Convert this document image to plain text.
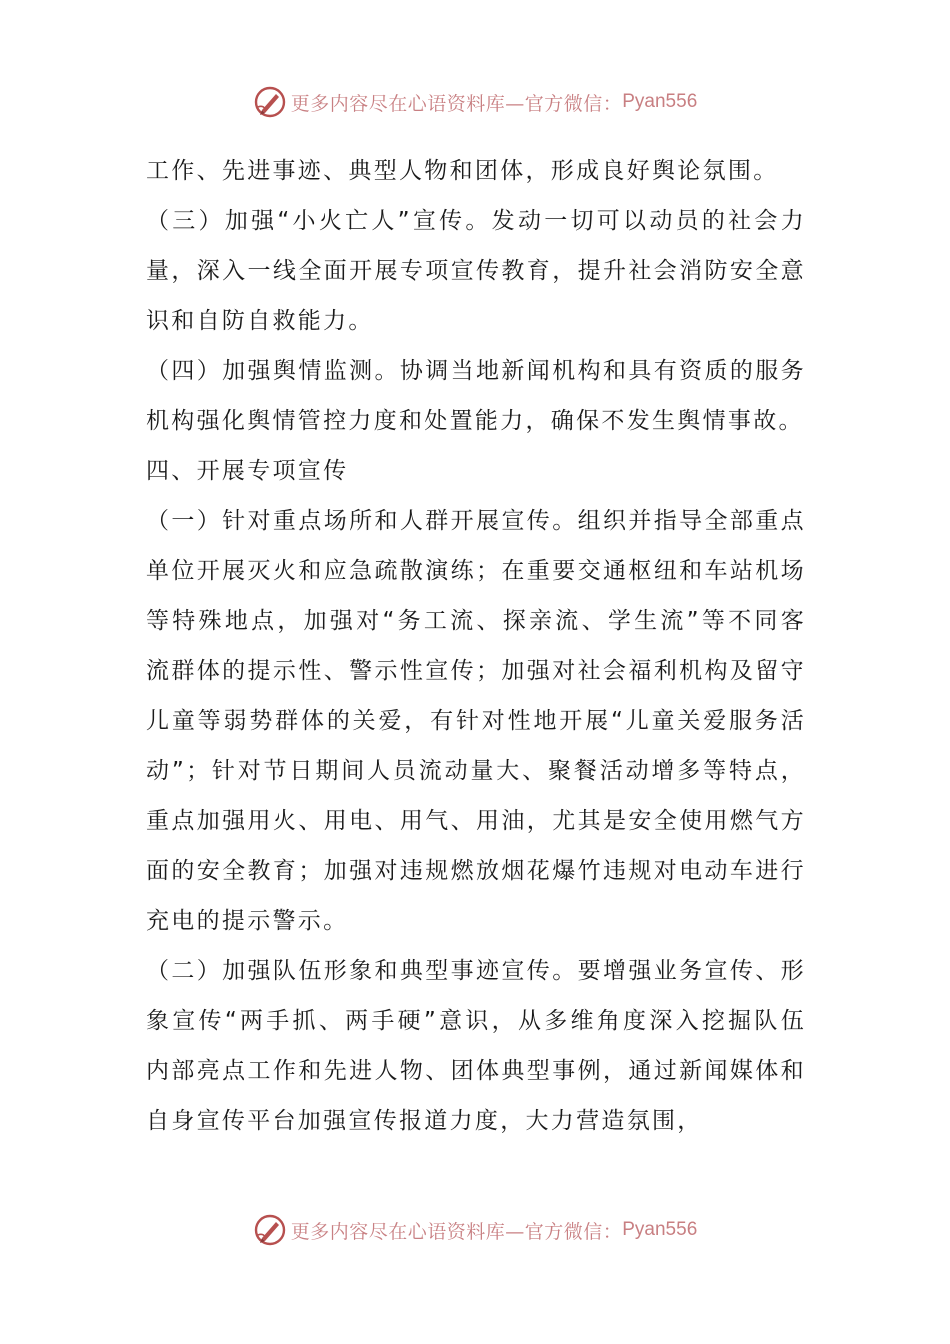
更多内容尽在心语资料库—官方微信： Pyan556

工作、先进事迹、典型人物和团体，形成良好舆论氛围。

（三）加强“小火亡人”宣传。发动一切可以动员的社会力量，深入一线全面开展专项宣传教育，提升社会消防安全意识和自防自救能力。

（四）加强舆情监测。协调当地新闻机构和具有资质的服务机构强化舆情管控力度和处置能力，确保不发生舆情事故。

四、开展专项宣传

（一）针对重点场所和人群开展宣传。组织并指导全部重点单位开展灭火和应急疏散演练；在重要交通枢纽和车站机场等特殊地点，加强对“务工流、探亲流、学生流”等不同客流群体的提示性、警示性宣传；加强对社会福利机构及留守儿童等弱势群体的关爱，有针对性地开展“儿童关爱服务活动”；针对节日期间人员流动量大、聚餐活动增多等特点，重点加强用火、用电、用气、用油，尤其是安全使用燃气方面的安全教育；加强对违规燃放烟花爆竹违规对电动车进行充电的提示警示。

（二）加强队伍形象和典型事迹宣传。要增强业务宣传、形象宣传“两手抓、两手硬”意识，从多维角度深入挖掘队伍内部亮点工作和先进人物、团体典型事例，通过新闻媒体和自身宣传平台加强宣传报道力度，大力营造氛围，

更多内容尽在心语资料库—官方微信： Pyan556
